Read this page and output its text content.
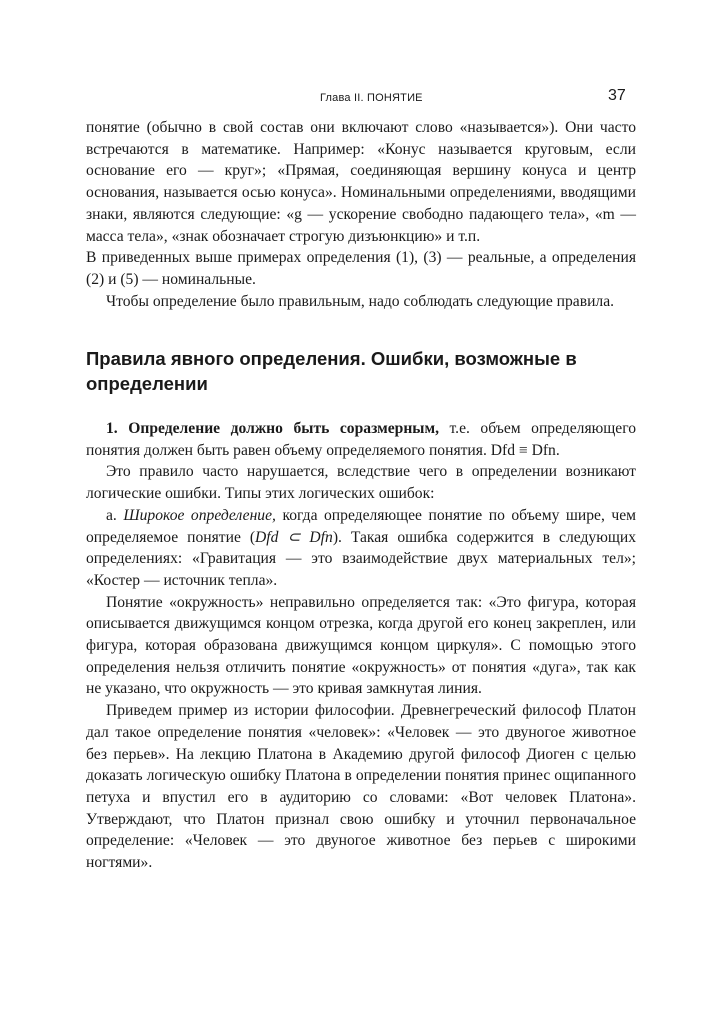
Глава II. ПОНЯТИЕ	37

понятие (обычно в свой состав они включают слово «называется»). Они часто встречаются в математике. Например: «Конус называется круговым, если основание его — круг»; «Прямая, соединяющая вершину конуса и центр основания, называется осью конуса». Номинальными определениями, вводящими знаки, являются следующие: «g — ускорение свободно падающего тела», «m — масса тела», «знак обозначает строгую дизъюнкцию» и т.п.

В приведенных выше примерах определения (1), (3) — реальные, а определения (2) и (5) — номинальные.

Чтобы определение было правильным, надо соблюдать следующие правила.

Правила явного определения. Ошибки, возможные в определении

1. Определение должно быть соразмерным, т.е. объем определяющего понятия должен быть равен объему определяемого понятия. Dfd ≡ Dfn.

Это правило часто нарушается, вследствие чего в определении возникают логические ошибки. Типы этих логических ошибок:

а. Широкое определение, когда определяющее понятие по объему шире, чем определяемое понятие (Dfd ⊂ Dfn). Такая ошибка содержится в следующих определениях: «Гравитация — это взаимодействие двух материальных тел»; «Костер — источник тепла».

Понятие «окружность» неправильно определяется так: «Это фигура, которая описывается движущимся концом отрезка, когда другой его конец закреплен, или фигура, которая образована движущимся концом циркуля». С помощью этого определения нельзя отличить понятие «окружность» от понятия «дуга», так как не указано, что окружность — это кривая замкнутая линия.

Приведем пример из истории философии. Древнегреческий философ Платон дал такое определение понятия «человек»: «Человек — это двуногое животное без перьев». На лекцию Платона в Академию другой философ Диоген с целью доказать логическую ошибку Платона в определении понятия принес ощипанного петуха и впустил его в аудиторию со словами: «Вот человек Платона». Утверждают, что Платон признал свою ошибку и уточнил первоначальное определение: «Человек — это двуногое животное без перьев с широкими ногтями».
